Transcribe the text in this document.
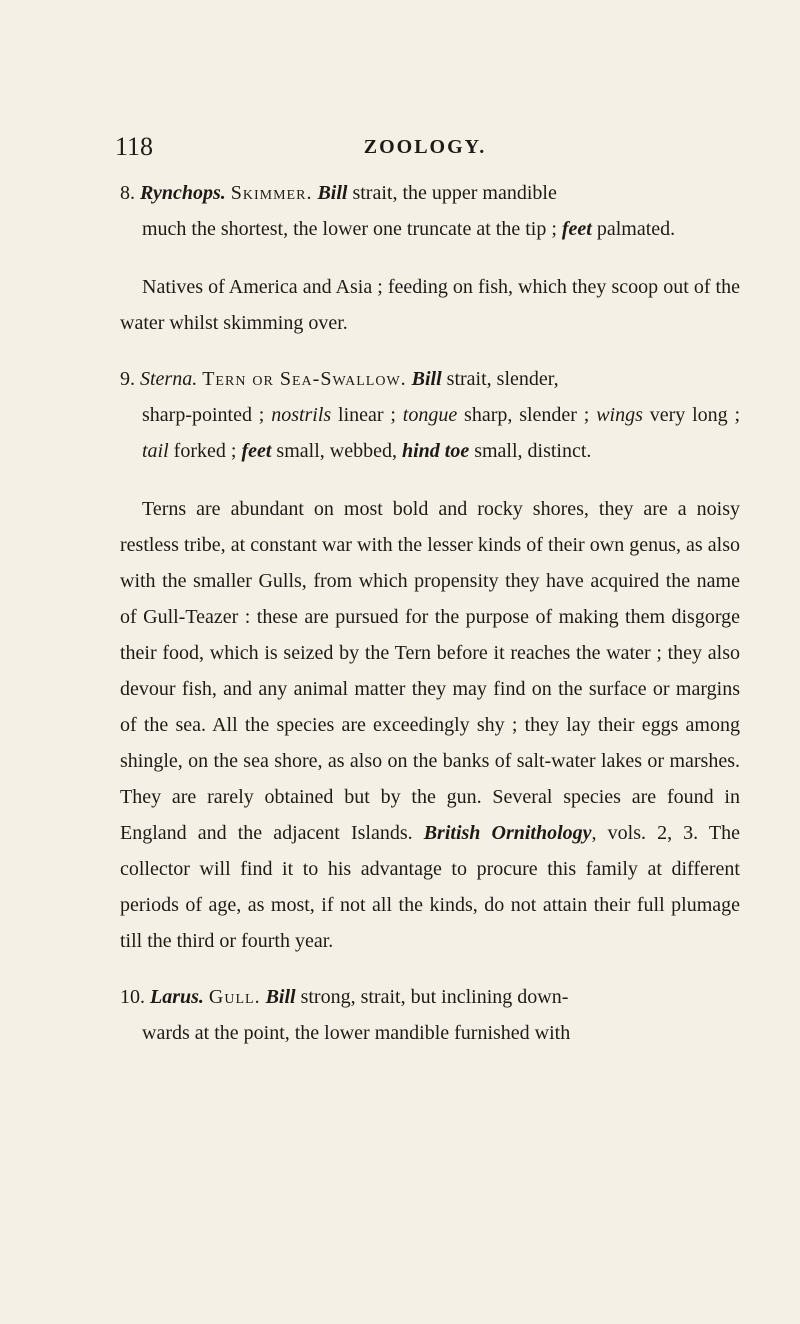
118	ZOOLOGY.
8. Rynchops. Skimmer. Bill strait, the upper mandible
much the shortest, the lower one truncate at the tip ; feet palmated.

Natives of America and Asia ; feeding on fish, which they scoop out of the water whilst skimming over.

9. Sterna. Tern or Sea-Swallow. Bill strait, slender,
sharp-pointed ; nostrils linear ; tongue sharp, slender ; wings very long ; tail forked ; feet small, webbed, hind toe small, distinct.

Terns are abundant on most bold and rocky shores, they are a noisy restless tribe, at constant war with the lesser kinds of their own genus, as also with the smaller Gulls, from which propensity they have acquired the name of Gull-Teazer : these are pursued for the purpose of making them disgorge their food, which is seized by the Tern before it reaches the water ; they also devour fish, and any animal matter they may find on the surface or margins of the sea. All the species are exceedingly shy ; they lay their eggs among shingle, on the sea shore, as also on the banks of salt-water lakes or marshes. They are rarely obtained but by the gun. Several species are found in England and the adjacent Islands. British Ornithology, vols. 2, 3. The collector will find it to his advantage to procure this family at different periods of age, as most, if not all the kinds, do not attain their full plumage till the third or fourth year.

10. Larus. Gull. Bill strong, strait, but inclining down-
wards at the point, the lower mandible furnished with
